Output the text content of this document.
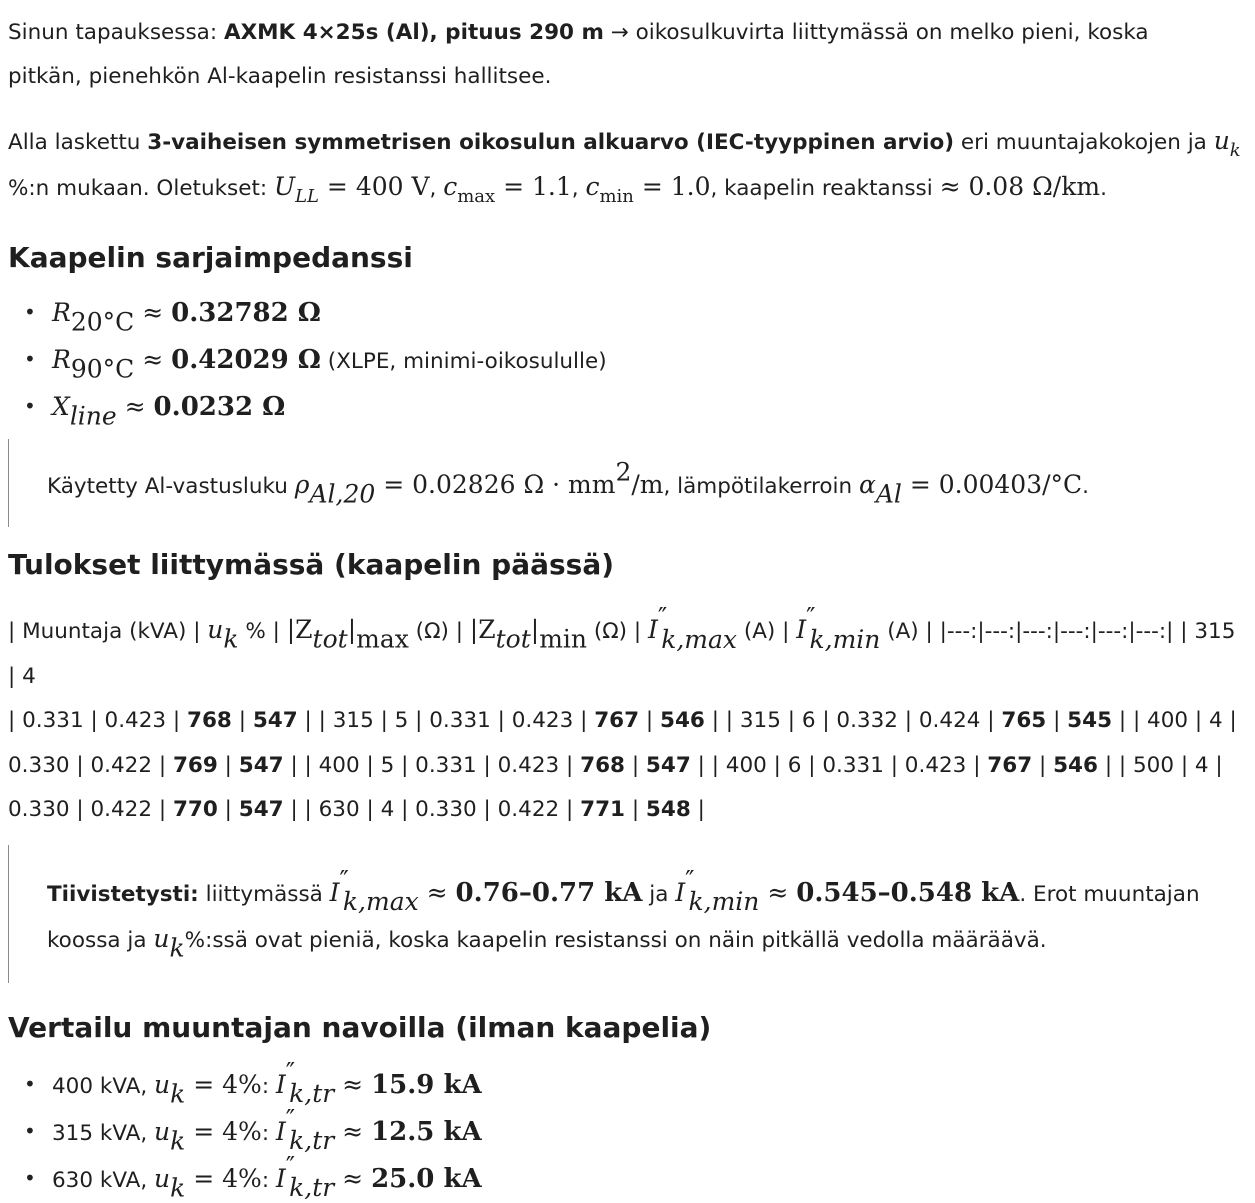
Sinun tapauksessa: AXMK 4×25s (Al), pituus 290 m → oikosulkuvirta liittymässä on melko pieni, koska
pitkän, pienehkön Al-kaapelin resistanssi hallitsee.

Alla laskettu 3-vaiheisen symmetrisen oikosulun alkuarvo (IEC-tyyppinen arvio) eri muuntajakokojen ja $u_k$
%:n mukaan. Oletukset: $U_{LL} = 400$ V, $c_{max} = 1.1$, $c_{min} = 1.0$, kaapelin reaktanssi ≈ 0.08 Ω/km.

Kaapelin sarjaimpedanssi
• $R_{20^\circ C} \approx 0.32782$ Ω
• $R_{90^\circ C} \approx 0.42029$ Ω (XLPE, minimi-oikosululle)
• $X_{line} \approx 0.0232$ Ω

Käytetty Al-vastusluku $\rho_{Al,20} = 0.02826$ $\Omega \cdot mm^2/m$, lämpötilakerroin $\alpha_{Al} = 0.00403/^\circ C$.

Tulokset liittymässä (kaapelin päässä)
| Muuntaja (kVA) | $u_k$ % | $|Z_{tot}|_{max}$ (Ω) | $|Z_{tot}|_{min}$ (Ω) | $I''_{k,max}$ (A) | $I''_{k,min}$ (A) | |---:|---:|---:|---:|---:|---:| | 315 | 4
| 0.331 | 0.423 | 768 | 547 | | 315 | 5 | 0.331 | 0.423 | 767 | 546 | | 315 | 6 | 0.332 | 0.424 | 765 | 545 | | 400 | 4 |
0.330 | 0.422 | 769 | 547 | | 400 | 5 | 0.331 | 0.423 | 768 | 547 | | 400 | 6 | 0.331 | 0.423 | 767 | 546 | | 500 | 4 |
0.330 | 0.422 | 770 | 547 | | 630 | 4 | 0.330 | 0.422 | 771 | 548 |

Tiivistetysti: liittymässä $I''_{k,max} \approx 0.76-0.77$ kA ja $I''_{k,min} \approx 0.545-0.548$ kA. Erot muuntajan
koossa ja $u_k\%:ssä$ ovat pieniä, koska kaapelin resistanssi on näin pitkällä vedolla määräävä.

Vertailu muuntajan navoilla (ilman kaapelia)
• 400 kVA, $u_k = 4\%$: $I''_{k,tr} \approx 15.9$ kA
• 315 kVA, $u_k = 4\%$: $I''_{k,tr} \approx 12.5$ kA
• 630 kVA, $u_k = 4\%$: $I''_{k,tr} \approx 25.0$ kA
